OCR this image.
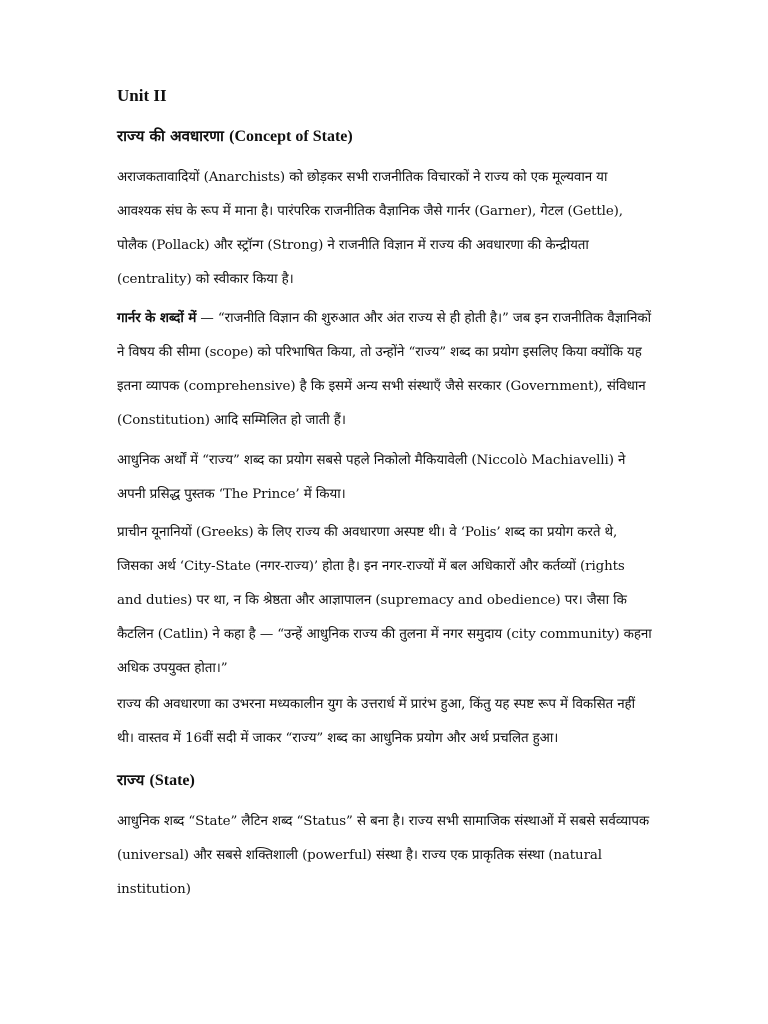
Unit II
राज्य की अवधारणा (Concept of State)

अराजकतावादियों (Anarchists) को छोड़कर सभी राजनीतिक विचारकों ने राज्य को एक मूल्यवान या आवश्यक संघ के रूप में माना है। पारंपरिक राजनीतिक वैज्ञानिक जैसे गार्नर (Garner), गेटल (Gettle), पोलैक (Pollack) और स्ट्रॉन्ग (Strong) ने राजनीति विज्ञान में राज्य की अवधारणा की केन्द्रीयता (centrality) को स्वीकार किया है।

गार्नर के शब्दों में — “राजनीति विज्ञान की शुरुआत और अंत राज्य से ही होती है।” जब इन राजनीतिक वैज्ञानिकों ने विषय की सीमा (scope) को परिभाषित किया, तो उन्होंने “राज्य” शब्द का प्रयोग इसलिए किया क्योंकि यह इतना व्यापक (comprehensive) है कि इसमें अन्य सभी संस्थाएँ जैसे सरकार (Government), संविधान (Constitution) आदि सम्मिलित हो जाती हैं।

आधुनिक अर्थों में “राज्य” शब्द का प्रयोग सबसे पहले निकोलो मैकियावेली (Niccolò Machiavelli) ने अपनी प्रसिद्ध पुस्तक ‘The Prince’ में किया।

प्राचीन यूनानियों (Greeks) के लिए राज्य की अवधारणा अस्पष्ट थी। वे ‘Polis’ शब्द का प्रयोग करते थे, जिसका अर्थ ‘City-State (नगर-राज्य)’ होता है। इन नगर-राज्यों में बल अधिकारों और कर्तव्यों (rights and duties) पर था, न कि श्रेष्ठता और आज्ञापालन (supremacy and obedience) पर। जैसा कि कैटलिन (Catlin) ने कहा है — “उन्हें आधुनिक राज्य की तुलना में नगर समुदाय (city community) कहना अधिक उपयुक्त होता।”

राज्य की अवधारणा का उभरना मध्यकालीन युग के उत्तरार्ध में प्रारंभ हुआ, किंतु यह स्पष्ट रूप में विकसित नहीं थी। वास्तव में 16वीं सदी में जाकर “राज्य” शब्द का आधुनिक प्रयोग और अर्थ प्रचलित हुआ।

राज्य (State)

आधुनिक शब्द “State” लैटिन शब्द “Status” से बना है। राज्य सभी सामाजिक संस्थाओं में सबसे सर्वव्यापक (universal) और सबसे शक्तिशाली (powerful) संस्था है। राज्य एक प्राकृतिक संस्था (natural institution)
